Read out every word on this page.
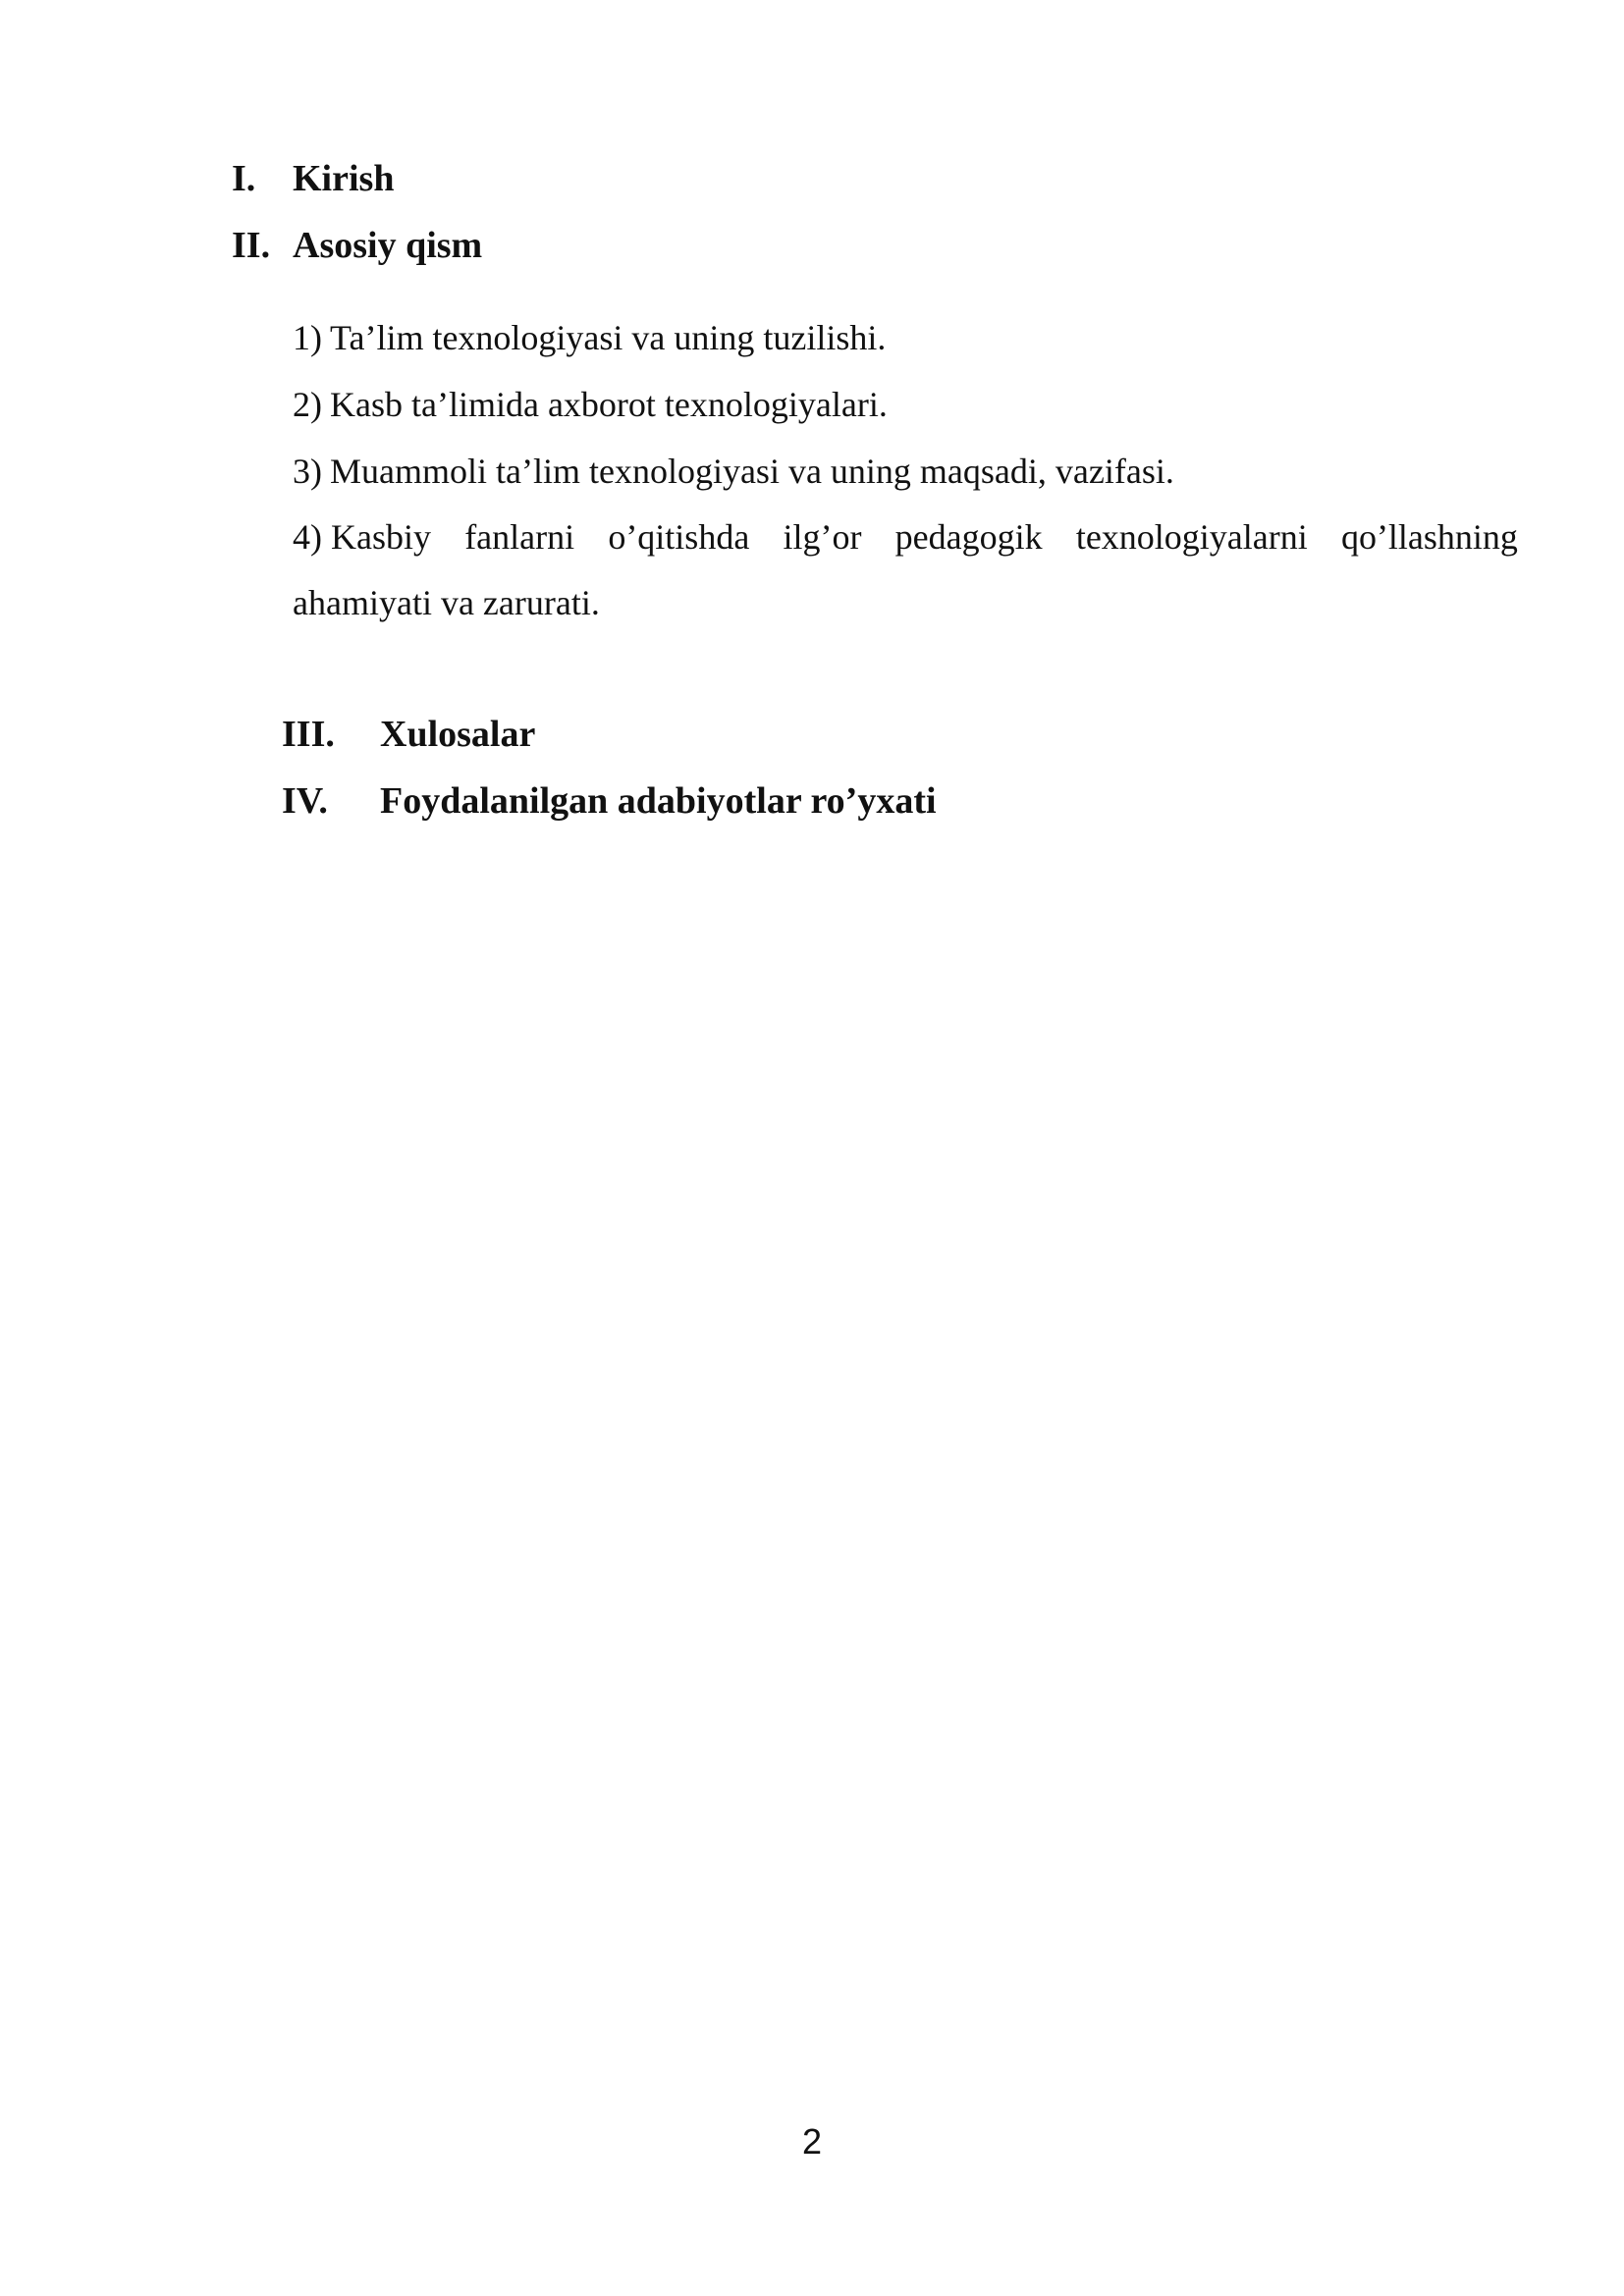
I. Kirish
II. Asosiy qism
1) Ta’lim texnologiyasi va uning tuzilishi.
2) Kasb ta’limida axborot texnologiyalari.
3) Muammoli ta’lim texnologiyasi va uning maqsadi, vazifasi.
4) Kasbiy fanlarni o’qitishda ilg’or pedagogik texnologiyalarni qo’llashning
ahamiyati va zarurati.
III. Xulosalar
IV. Foydalanilgan adabiyotlar ro’yxati
2
